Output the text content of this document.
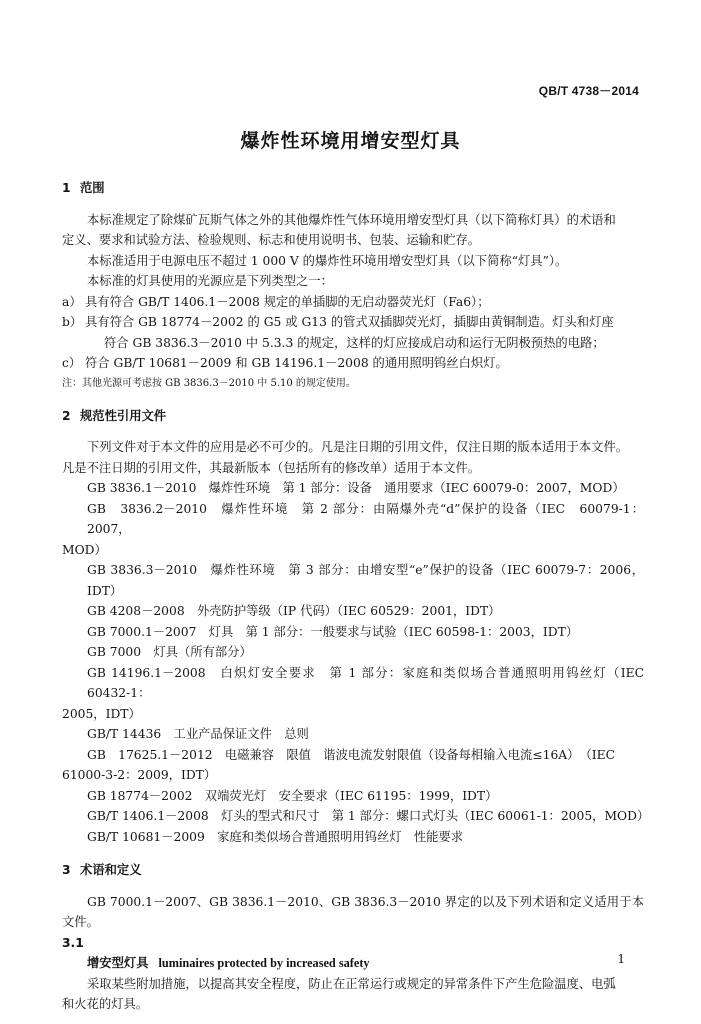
QB/T 4738－2014
爆炸性环境用增安型灯具

1 范围

本标准规定了除煤矿瓦斯气体之外的其他爆炸性气体环境用增安型灯具（以下简称灯具）的术语和

定义、要求和试验方法、检验规则、标志和使用说明书、包装、运输和贮存。

本标准适用于电源电压不超过 1 000 V 的爆炸性环境用增安型灯具（以下简称“灯具”）。

本标准的灯具使用的光源应是下列类型之一：

a） 具有符合 GB/T 1406.1－2008 规定的单插脚的无启动器荧光灯（Fa6）；

b） 具有符合 GB 18774－2002 的 G5 或 G13 的管式双插脚荧光灯，插脚由黄铜制造。灯头和灯座

符合 GB 3836.3－2010 中 5.3.3 的规定，这样的灯应接成启动和运行无阴极预热的电路；

c） 符合 GB/T 10681－2009 和 GB 14196.1－2008 的通用照明钨丝白炽灯。

注：其他光源可考虑按 GB 3836.3－2010 中 5.10 的规定使用。

2 规范性引用文件

下列文件对于本文件的应用是必不可少的。凡是注日期的引用文件，仅注日期的版本适用于本文件。

凡是不注日期的引用文件，其最新版本（包括所有的修改单）适用于本文件。

GB 3836.1－2010　爆炸性环境　第 1 部分：设备　通用要求（IEC 60079-0：2007，MOD）

GB　3836.2－2010　爆炸性环境　第 2 部分：由隔爆外壳“d”保护的设备（IEC　60079-1：2007，

MOD）

GB 3836.3－2010　爆炸性环境　第 3 部分：由增安型“e”保护的设备（IEC 60079-7：2006，IDT）

GB 4208－2008　外壳防护等级（IP 代码）（IEC 60529：2001，IDT）

GB 7000.1－2007　灯具　第 1 部分：一般要求与试验（IEC 60598-1：2003，IDT）

GB 7000　灯具（所有部分）

GB 14196.1－2008　白炽灯安全要求　第 1 部分：家庭和类似场合普通照明用钨丝灯（IEC 60432-1：

2005，IDT）

GB/T 14436　工业产品保证文件　总则

GB　17625.1－2012　电磁兼容　限值　谐波电流发射限值（设备每相输入电流≤16A）　（IEC

61000-3-2：2009，IDT）

GB 18774－2002　双端荧光灯　安全要求（IEC 61195：1999，IDT）

GB/T 1406.1－2008　灯头的型式和尺寸　第 1 部分：螺口式灯头（IEC 60061-1：2005，MOD）

GB/T 10681－2009　家庭和类似场合普通照明用钨丝灯　性能要求

3 术语和定义

GB 7000.1－2007、GB 3836.1－2010、GB 3836.3－2010 界定的以及下列术语和定义适用于本文件。

3.1

增安型灯具 luminaires protected by increased safety

采取某些附加措施，以提高其安全程度，防止在正常运行或规定的异常条件下产生危险温度、电弧

和火花的灯具。

1
